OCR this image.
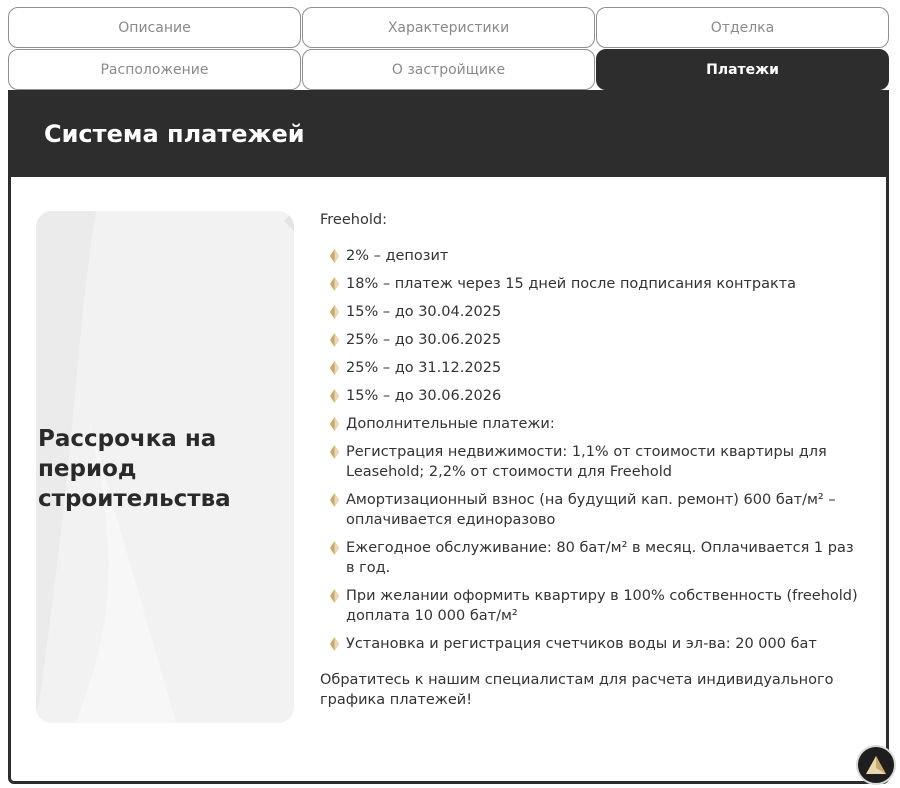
Описание	Характеристики	Отделка
Расположение	О застройщике	Платежи
Система платежей
Рассрочка на период строительства

Freehold:

2% – депозит
18% – платеж через 15 дней после подписания контракта
15% – до 30.04.2025
25% – до 30.06.2025
25% – до 31.12.2025
15% – до 30.06.2026
Дополнительные платежи:
Регистрация недвижимости: 1,1% от стоимости квартиры для Leasehold; 2,2% от стоимости для Freehold
Амортизационный взнос (на будущий кап. ремонт) 600 бат/м² – оплачивается единоразово
Ежегодное обслуживание: 80 бат/м² в месяц. Оплачивается 1 раз в год.
При желании оформить квартиру в 100% собственность (freehold) доплата 10 000 бат/м²
Установка и регистрация счетчиков воды и эл-ва: 20 000 бат

Обратитесь к нашим специалистам для расчета индивидуального графика платежей!
